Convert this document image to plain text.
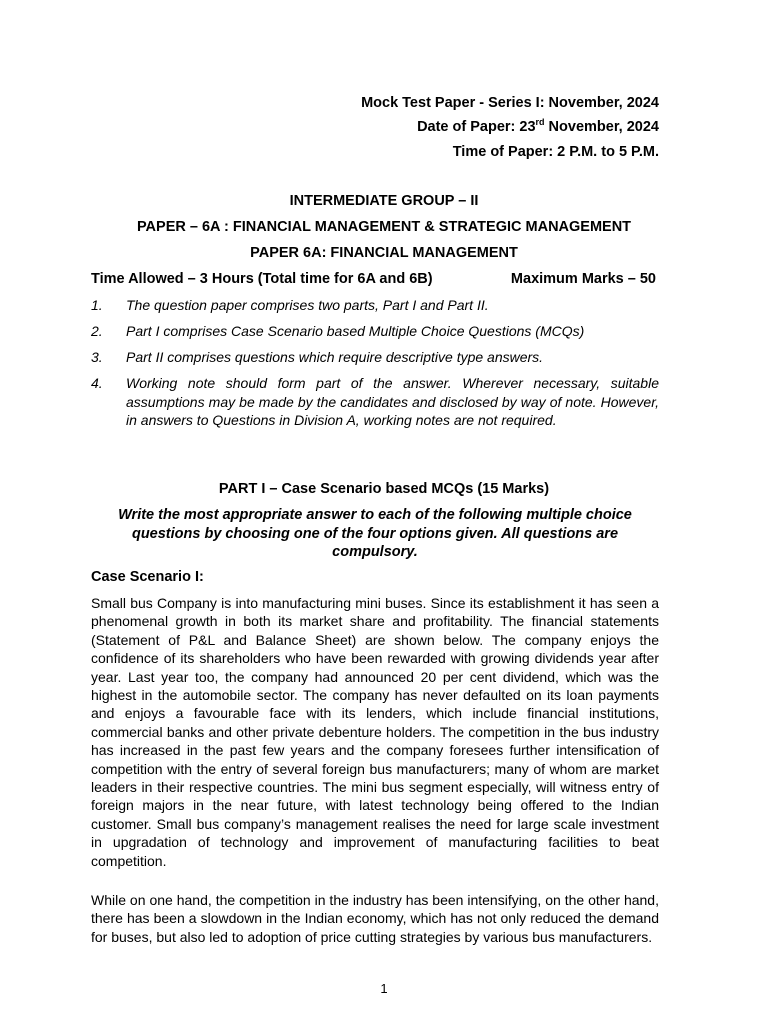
Mock Test Paper - Series I: November, 2024
Date of Paper: 23rd November, 2024
Time of Paper: 2 P.M. to 5 P.M.
INTERMEDIATE GROUP – II
PAPER – 6A : FINANCIAL MANAGEMENT & STRATEGIC MANAGEMENT
PAPER 6A: FINANCIAL MANAGEMENT
Time Allowed – 3 Hours (Total time for 6A and 6B)	Maximum Marks – 50
1.	The question paper comprises two parts, Part I and Part II.
2.	Part I comprises Case Scenario based Multiple Choice Questions (MCQs)
3.	Part II comprises questions which require descriptive type answers.
4.	Working note should form part of the answer. Wherever necessary, suitable assumptions may be made by the candidates and disclosed by way of note. However, in answers to Questions in Division A, working notes are not required.
PART I – Case Scenario based MCQs (15 Marks)
Write the most appropriate answer to each of the following multiple choice questions by choosing one of the four options given. All questions are compulsory.
Case Scenario I:
Small bus Company is into manufacturing mini buses. Since its establishment it has seen a phenomenal growth in both its market share and profitability. The financial statements (Statement of P&L and Balance Sheet) are shown below. The company enjoys the confidence of its shareholders who have been rewarded with growing dividends year after year. Last year too, the company had announced 20 per cent dividend, which was the highest in the automobile sector. The company has never defaulted on its loan payments and enjoys a favourable face with its lenders, which include financial institutions, commercial banks and other private debenture holders. The competition in the bus industry has increased in the past few years and the company foresees further intensification of competition with the entry of several foreign bus manufacturers; many of whom are market leaders in their respective countries. The mini bus segment especially, will witness entry of foreign majors in the near future, with latest technology being offered to the Indian customer. Small bus company’s management realises the need for large scale investment in upgradation of technology and improvement of manufacturing facilities to beat competition.
While on one hand, the competition in the industry has been intensifying, on the other hand, there has been a slowdown in the Indian economy, which has not only reduced the demand for buses, but also led to adoption of price cutting strategies by various bus manufacturers.
1
